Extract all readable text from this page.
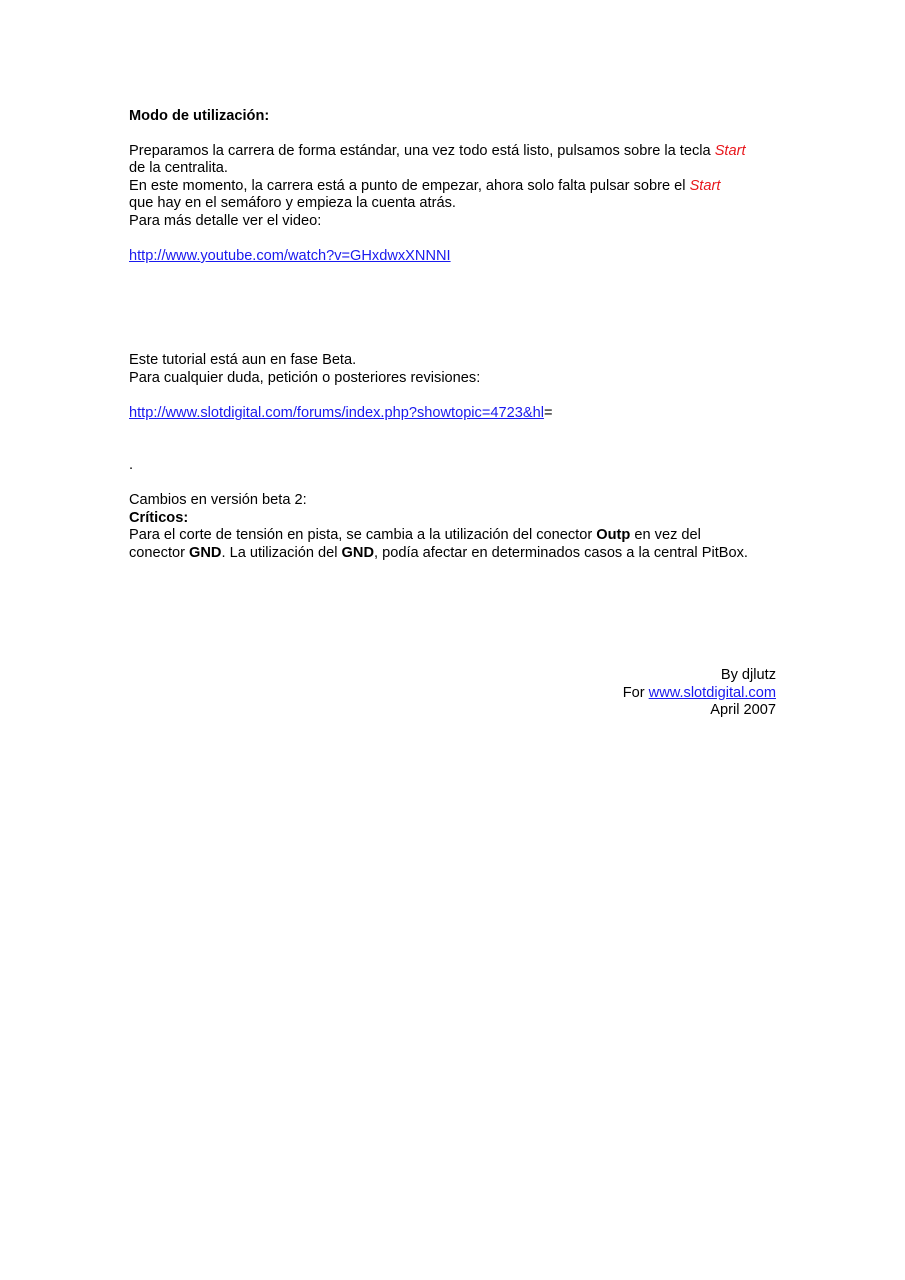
Modo de utilización:
Preparamos la carrera de forma estándar, una vez todo está listo, pulsamos sobre la tecla Start
de la centralita.
En este momento, la carrera está a punto de empezar, ahora solo falta pulsar sobre el Start
que hay en el semáforo y empieza la cuenta atrás.
Para más detalle ver el video:
http://www.youtube.com/watch?v=GHxdwxXNNNI
Este tutorial está aun en fase Beta.
Para cualquier duda, petición o posteriores revisiones:
http://www.slotdigital.com/forums/index.php?showtopic=4723&hl=
.
Cambios en versión beta 2:
Críticos:
Para el corte de tensión en pista, se cambia a la utilización del conector Outp en vez del
conector GND. La utilización del GND, podía afectar en determinados casos a la central PitBox.
By djlutz
For www.slotdigital.com
April 2007
